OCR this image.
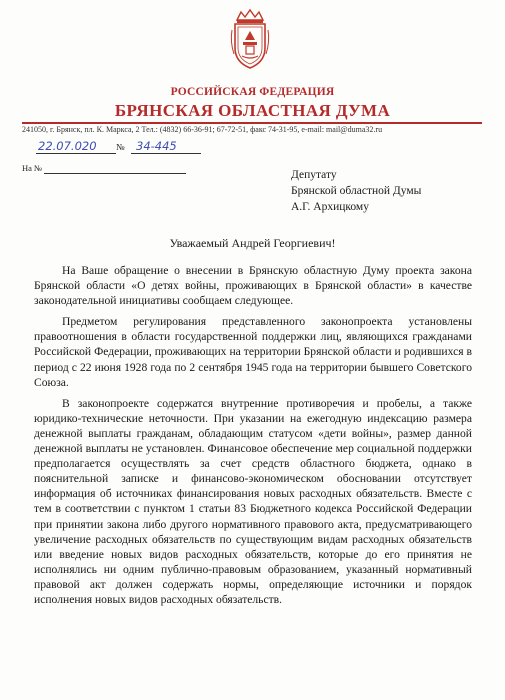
РОССИЙСКАЯ ФЕДЕРАЦИЯ
БРЯНСКАЯ ОБЛАСТНАЯ ДУМА
241050, г. Брянск, пл. К. Маркса, 2 Тел.: (4832) 66-36-91; 67-72-51, факс 74-31-95, e-mail: mail@duma32.ru
22.07.020	№ 34-445
На №
Депутату
Брянской областной Думы
А.Г. Архицкому
Уважаемый Андрей Георгиевич!

На Ваше обращение о внесении в Брянскую областную Думу проекта закона Брянской области «О детях войны, проживающих в Брянской области» в качестве законодательной инициативы сообщаем следующее.

Предметом регулирования представленного законопроекта установлены правоотношения в области государственной поддержки лиц, являющихся гражданами Российской Федерации, проживающих на территории Брянской области и родившихся в период с 22 июня 1928 года по 2 сентября 1945 года на территории бывшего Советского Союза.

В законопроекте содержатся внутренние противоречия и пробелы, а также юридико-технические неточности. При указании на ежегодную индексацию размера денежной выплаты гражданам, обладающим статусом «дети войны», размер данной денежной выплаты не установлен. Финансовое обеспечение мер социальной поддержки предполагается осуществлять за счет средств областного бюджета, однако в пояснительной записке и финансово-экономическом обосновании отсутствует информация об источниках финансирования новых расходных обязательств. Вместе с тем в соответствии с пунктом 1 статьи 83 Бюджетного кодекса Российской Федерации при принятии закона либо другого нормативного правового акта, предусматривающего увеличение расходных обязательств по существующим видам расходных обязательств или введение новых видов расходных обязательств, которые до его принятия не исполнялись ни одним публично-правовым образованием, указанный нормативный правовой акт должен содержать нормы, определяющие источники и порядок исполнения новых видов расходных обязательств.
